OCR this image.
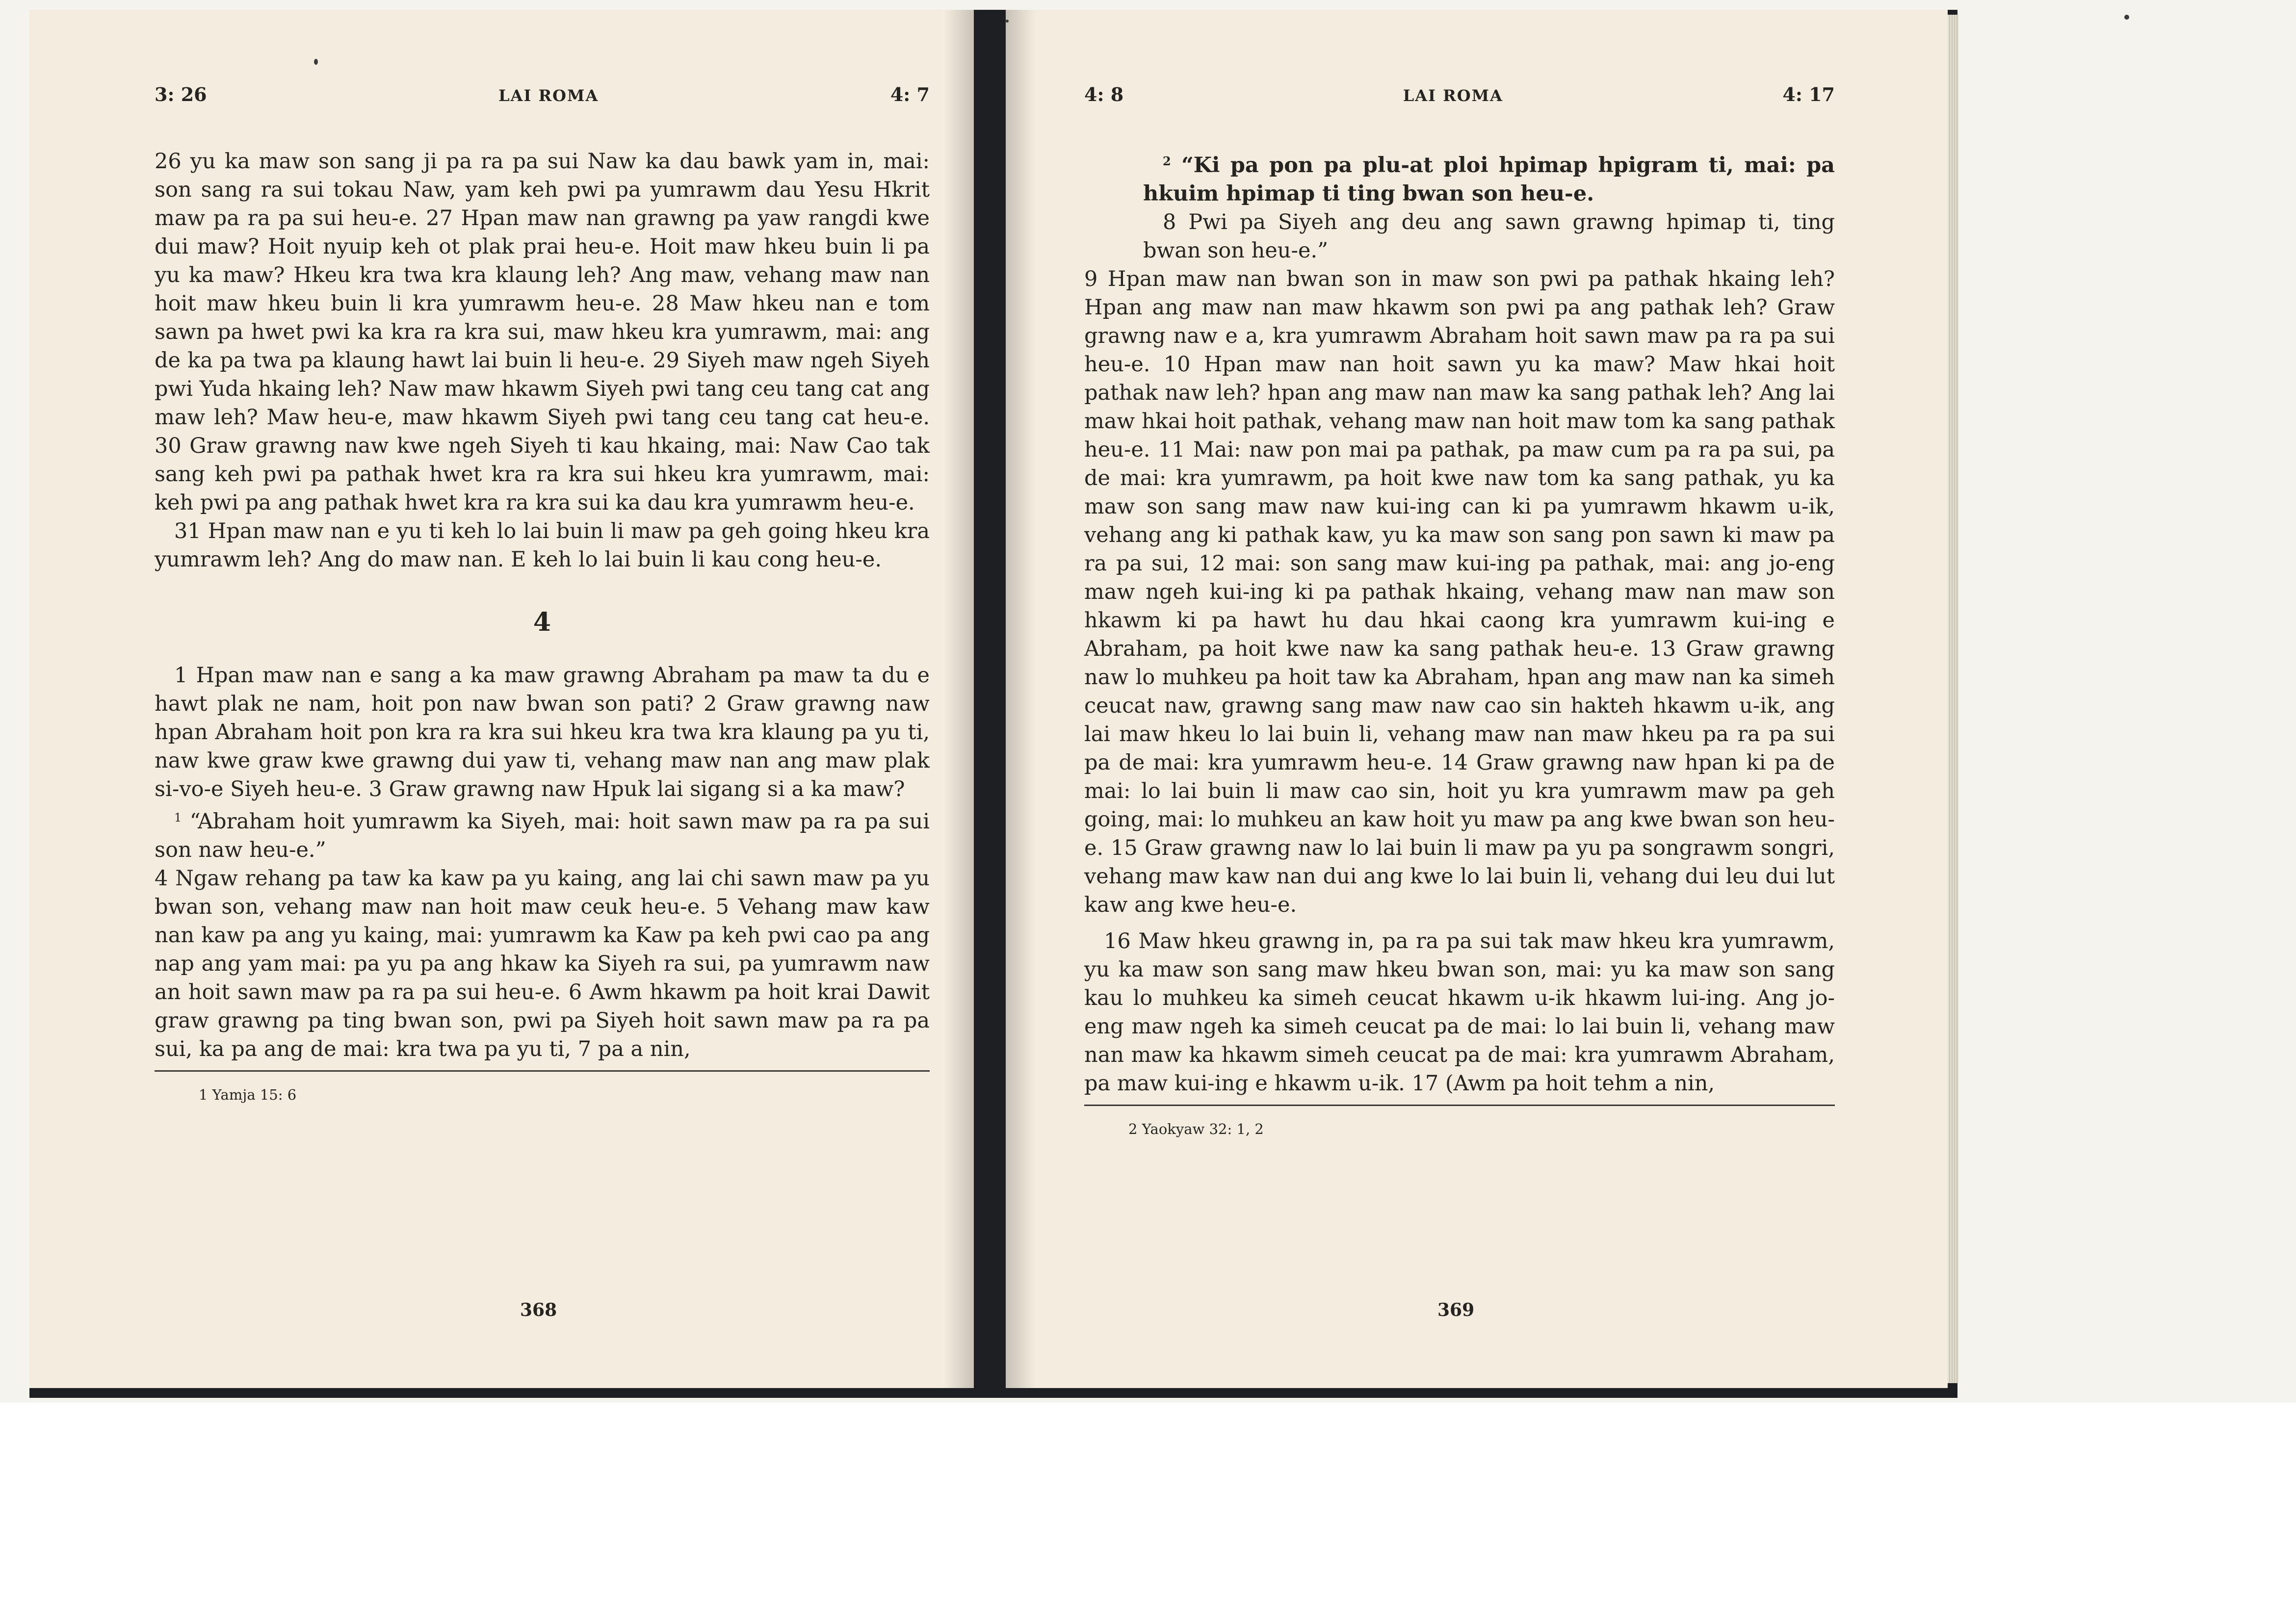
3: 26	LAI ROMA	4: 7

26 yu ka maw son sang ji pa ra pa sui Naw ka dau bawk yam in, mai: son sang ra sui tokau Naw, yam keh pwi pa yumrawm dau Yesu Hkrit maw pa ra pa sui heu-e. 27 Hpan maw nan grawng pa yaw rangdi kwe dui maw? Hoit nyuip keh ot plak prai heu-e. Hoit maw hkeu buin li pa yu ka maw? Hkeu kra twa kra klaung leh? Ang maw, vehang maw nan hoit maw hkeu buin li kra yumrawm heu-e. 28 Maw hkeu nan e tom sawn pa hwet pwi ka kra ra kra sui, maw hkeu kra yumrawm, mai: ang de ka pa twa pa klaung hawt lai buin li heu-e. 29 Siyeh maw ngeh Siyeh pwi Yuda hkaing leh? Naw maw hkawm Siyeh pwi tang ceu tang cat ang maw leh? Maw heu-e, maw hkawm Siyeh pwi tang ceu tang cat heu-e. 30 Graw grawng naw kwe ngeh Siyeh ti kau hkaing, mai: Naw Cao tak sang keh pwi pa pathak hwet kra ra kra sui hkeu kra yumrawm, mai: keh pwi pa ang pathak hwet kra ra kra sui ka dau kra yumrawm heu-e.

31 Hpan maw nan e yu ti keh lo lai buin li maw pa geh going hkeu kra yumrawm leh? Ang do maw nan. E keh lo lai buin li kau cong heu-e.

4

1 Hpan maw nan e sang a ka maw grawng Abraham pa maw ta du e hawt plak ne nam, hoit pon naw bwan son pati? 2 Graw grawng naw hpan Abraham hoit pon kra ra kra sui hkeu kra twa kra klaung pa yu ti, naw kwe graw kwe grawng dui yaw ti, vehang maw nan ang maw plak si-vo-e Siyeh heu-e. 3 Graw grawng naw Hpuk lai sigang si a ka maw?

$^1$ “Abraham hoit yumrawm ka Siyeh, mai: hoit sawn maw pa ra pa sui son naw heu-e.”

4 Ngaw rehang pa taw ka kaw pa yu kaing, ang lai chi sawn maw pa yu bwan son, vehang maw nan hoit maw ceuk heu-e. 5 Vehang maw kaw nan kaw pa ang yu kaing, mai: yumrawm ka Kaw pa keh pwi cao pa ang nap ang yam mai: pa yu pa ang hkaw ka Siyeh ra sui, pa yumrawm naw an hoit sawn maw pa ra pa sui heu-e. 6 Awm hkawm pa hoit krai Dawit graw grawng pa ting bwan son, pwi pa Siyeh hoit sawn maw pa ra pa sui, ka pa ang de mai: kra twa pa yu ti, 7 pa a nin,

1 Yamja 15: 6
368
4: 8	LAI ROMA	4: 17

$^2$ “Ki pa pon pa plu-at ploi hpimap hpigram ti, mai: pa hkuim hpimap ti ting bwan son heu-e.

8 Pwi pa Siyeh ang deu ang sawn grawng hpimap ti, ting bwan son heu-e.”

9 Hpan maw nan bwan son in maw son pwi pa pathak hkaing leh? Hpan ang maw nan maw hkawm son pwi pa ang pathak leh? Graw grawng naw e a, kra yumrawm Abraham hoit sawn maw pa ra pa sui heu-e. 10 Hpan maw nan hoit sawn yu ka maw? Maw hkai hoit pathak naw leh? hpan ang maw nan maw ka sang pathak leh? Ang lai maw hkai hoit pathak, vehang maw nan hoit maw tom ka sang pathak heu-e. 11 Mai: naw pon mai pa pathak, pa maw cum pa ra pa sui, pa de mai: kra yumrawm, pa hoit kwe naw tom ka sang pathak, yu ka maw son sang maw naw kui-ing can ki pa yumrawm hkawm u-ik, vehang ang ki pathak kaw, yu ka maw son sang pon sawn ki maw pa ra pa sui, 12 mai: son sang maw kui-ing pa pathak, mai: ang jo-eng maw ngeh kui-ing ki pa pathak hkaing, vehang maw nan maw son hkawm ki pa hawt hu dau hkai caong kra yumrawm kui-ing e Abraham, pa hoit kwe naw ka sang pathak heu-e. 13 Graw grawng naw lo muhkeu pa hoit taw ka Abraham, hpan ang maw nan ka simeh ceucat naw, grawng sang maw naw cao sin hakteh hkawm u-ik, ang lai maw hkeu lo lai buin li, vehang maw nan maw hkeu pa ra pa sui pa de mai: kra yumrawm heu-e. 14 Graw grawng naw hpan ki pa de mai: lo lai buin li maw cao sin, hoit yu kra yumrawm maw pa geh going, mai: lo muhkeu an kaw hoit yu maw pa ang kwe bwan son heu-e. 15 Graw grawng naw lo lai buin li maw pa yu pa songrawm songri, vehang maw kaw nan dui ang kwe lo lai buin li, vehang dui leu dui lut kaw ang kwe heu-e.

16 Maw hkeu grawng in, pa ra pa sui tak maw hkeu kra yumrawm, yu ka maw son sang maw hkeu bwan son, mai: yu ka maw son sang kau lo muhkeu ka simeh ceucat hkawm u-ik hkawm lui-ing. Ang jo-eng maw ngeh ka simeh ceucat pa de mai: lo lai buin li, vehang maw nan maw ka hkawm simeh ceucat pa de mai: kra yumrawm Abraham, pa maw kui-ing e hkawm u-ik. 17 (Awm pa hoit tehm a nin,

2 Yaokyaw 32: 1, 2
369
